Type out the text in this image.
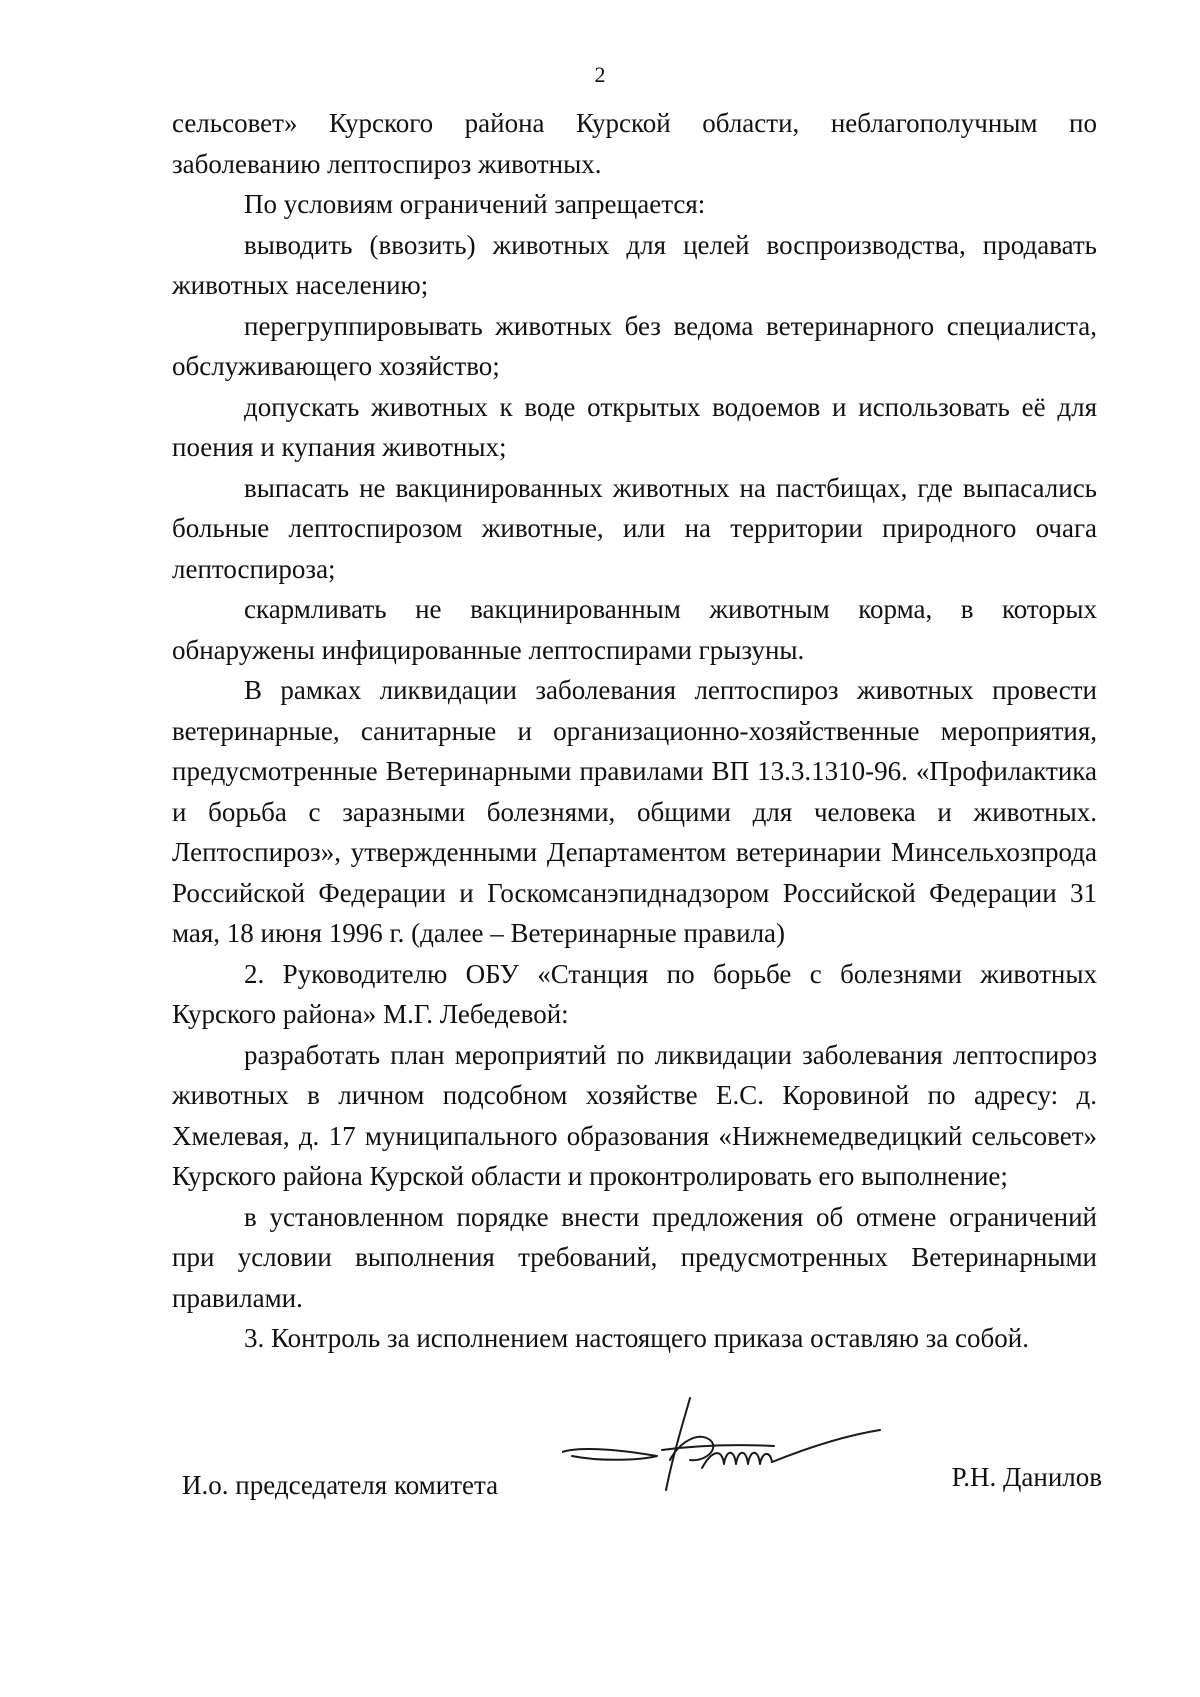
2

сельсовет» Курского района Курской области, неблагополучным по заболеванию лептоспироз животных.

По условиям ограничений запрещается:

выводить (ввозить) животных для целей воспроизводства, продавать животных населению;

перегруппировывать животных без ведома ветеринарного специалиста, обслуживающего хозяйство;

допускать животных к воде открытых водоемов и использовать её для поения и купания животных;

выпасать не вакцинированных животных на пастбищах, где выпасались больные лептоспирозом животные, или на территории природного очага лептоспироза;

скармливать не вакцинированным животным корма, в которых обнаружены инфицированные лептоспирами грызуны.

В рамках ликвидации заболевания лептоспироз животных провести ветеринарные, санитарные и организационно-хозяйственные мероприятия, предусмотренные Ветеринарными правилами ВП 13.3.1310-96. «Профилактика и борьба с заразными болезнями, общими для человека и животных. Лептоспироз», утвержденными Департаментом ветеринарии Минсельхозпрода Российской Федерации и Госкомсанэпиднадзором Российской Федерации 31 мая, 18 июня 1996 г. (далее – Ветеринарные правила)

2. Руководителю ОБУ «Станция по борьбе с болезнями животных Курского района» М.Г. Лебедевой:

разработать план мероприятий по ликвидации заболевания лептоспироз животных в личном подсобном хозяйстве Е.С. Коровиной по адресу: д. Хмелевая, д. 17 муниципального образования «Нижнемедведицкий сельсовет» Курского района Курской области и проконтролировать его выполнение;

в установленном порядке внести предложения об отмене ограничений при условии выполнения требований, предусмотренных Ветеринарными правилами.

3. Контроль за исполнением настоящего приказа оставляю за собой.

И.о. председателя комитета	Р.Н. Данилов
